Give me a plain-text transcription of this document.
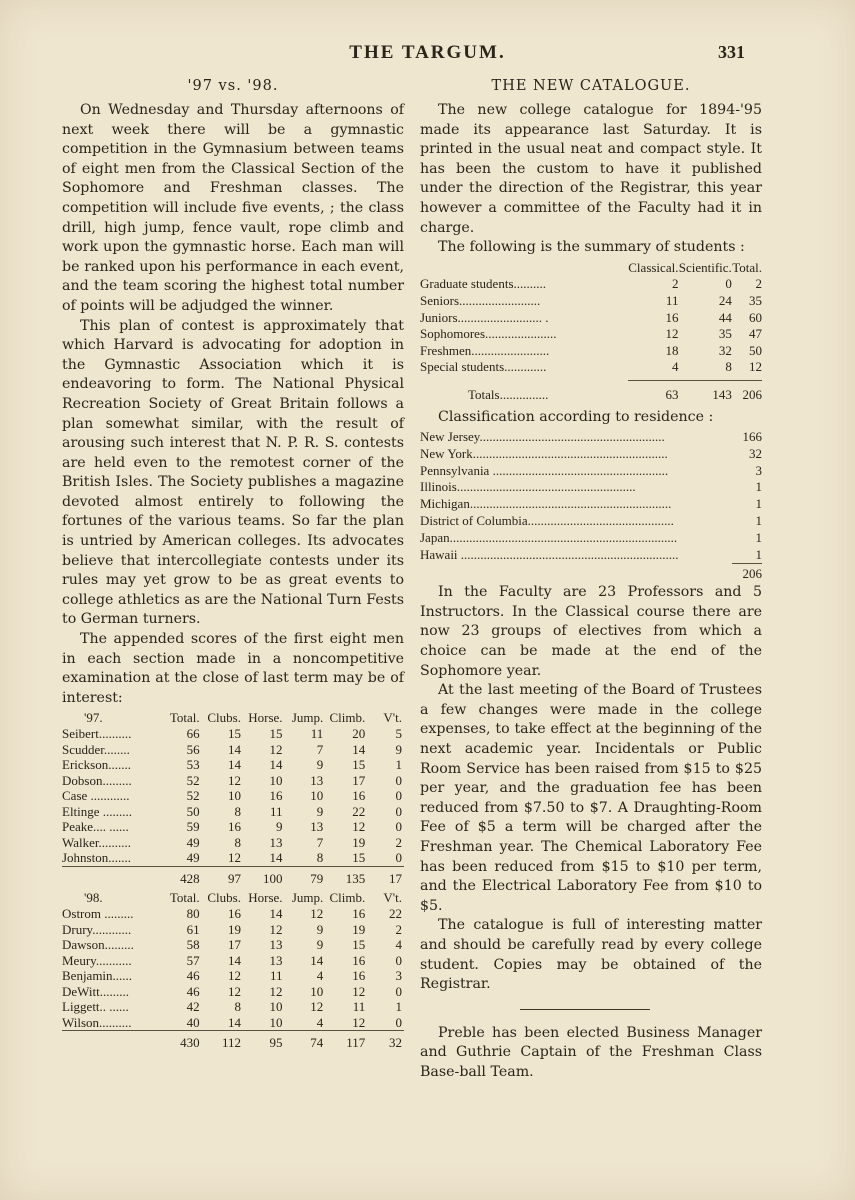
THE TARGUM.	331
'97 vs. '98.

On Wednesday and Thursday afternoons of next week there will be a gymnastic competition in the Gymnasium between teams of eight men from the Classical Section of the Sophomore and Freshman classes. The competition will include five events, ; the class drill, high jump, fence vault, rope climb and work upon the gymnastic horse. Each man will be ranked upon his performance in each event, and the team scoring the highest total number of points will be adjudged the winner.

This plan of contest is approximately that which Harvard is advocating for adoption in the Gymnastic Association which it is endeavoring to form. The National Physical Recreation Society of Great Britain follows a plan somewhat similar, with the result of arousing such interest that N. P. R. S. contests are held even to the remotest corner of the British Isles. The Society publishes a magazine devoted almost entirely to following the fortunes of the various teams. So far the plan is untried by American colleges. Its advocates believe that intercollegiate contests under its rules may yet grow to be as great events to college athletics as are the National Turn Fests to German turners.

The appended scores of the first eight men in each section made in a noncompetitive examination at the close of last term may be of interest:

'97.	Total.	Clubs.	Horse.	Jump.	Climb.	V't.
Seibert..........	66	15	15	11	20	5
Scudder........	56	14	12	7	14	9
Erickson.......	53	14	14	9	15	1
Dobson.........	52	12	10	13	17	0
Case ............	52	10	16	10	16	0
Eltinge .........	50	8	11	9	22	0
Peake.... ......	59	16	9	13	12	0
Walker..........	49	8	13	7	19	2
Johnston.......	49	12	14	8	15	0
	428	97	100	79	135	17

'98.	Total.	Clubs.	Horse.	Jump.	Climb.	V't.
Ostrom .........	80	16	14	12	16	22
Drury............	61	19	12	9	19	2
Dawson.........	58	17	13	9	15	4
Meury...........	57	14	13	14	16	0
Benjamin......	46	12	11	4	16	3
DeWitt.........	46	12	12	10	12	0
Liggett.. ......	42	8	10	12	11	1
Wilson..........	40	14	10	4	12	0
	430	112	95	74	117	32
THE NEW CATALOGUE.

The new college catalogue for 1894-'95 made its appearance last Saturday. It is printed in the usual neat and compact style. It has been the custom to have it published under the direction of the Registrar, this year however a committee of the Faculty had it in charge.

The following is the summary of students :

	Classical.	Scientific.	Total.
Graduate students..........	2	0	2
Seniors.........................	11	24	35
Juniors.......................... .	16	44	60
Sophomores......................	12	35	47
Freshmen........................	18	32	50
Special students.............	4	8	12

Totals...............	63	143	206

Classification according to residence :

New Jersey.........................................................	166
New York............................................................	32
Pennsylvania ......................................................	3
Illinois.......................................................	1
Michigan..............................................................	1
District of Columbia.............................................	1
Japan......................................................................	1
Hawaii ...................................................................	1
	206

In the Faculty are 23 Professors and 5 Instructors. In the Classical course there are now 23 groups of electives from which a choice can be made at the end of the Sophomore year.

At the last meeting of the Board of Trustees a few changes were made in the college expenses, to take effect at the beginning of the next academic year. Incidentals or Public Room Service has been raised from $15 to $25 per year, and the graduation fee has been reduced from $7.50 to $7. A Draughting-Room Fee of $5 a term will be charged after the Freshman year. The Chemical Laboratory Fee has been reduced from $15 to $10 per term, and the Electrical Laboratory Fee from $10 to $5.

The catalogue is full of interesting matter and should be carefully read by every college student. Copies may be obtained of the Registrar.

Preble has been elected Business Manager and Guthrie Captain of the Freshman Class Base-ball Team.
